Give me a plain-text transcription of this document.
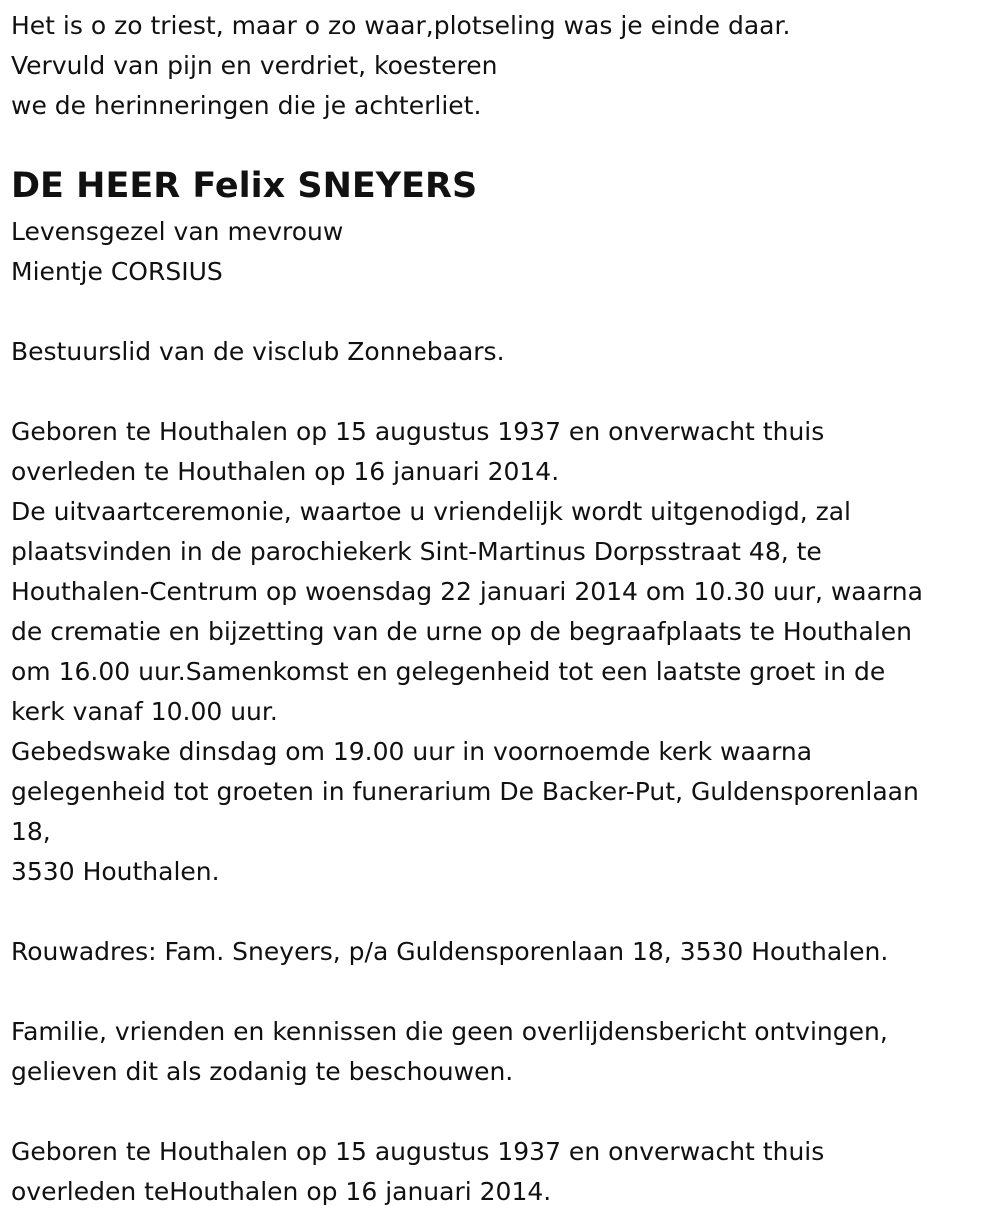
Het is o zo triest, maar o zo waar,plotseling was je einde daar.
Vervuld van pijn en verdriet, koesteren
we de herinneringen die je achterliet.
DE HEER Felix SNEYERS
Levensgezel van mevrouw
Mientje CORSIUS
Bestuurslid van de visclub Zonnebaars.
Geboren te Houthalen op 15 augustus 1937 en onverwacht thuis
overleden te Houthalen op 16 januari 2014.
De uitvaartceremonie, waartoe u vriendelijk wordt uitgenodigd, zal
plaatsvinden in de parochiekerk Sint-Martinus Dorpsstraat 48, te
Houthalen-Centrum op woensdag 22 januari 2014 om 10.30 uur, waarna
de crematie en bijzetting van de urne op de begraafplaats te Houthalen
om 16.00 uur.Samenkomst en gelegenheid tot een laatste groet in de
kerk vanaf 10.00 uur.
Gebedswake dinsdag om 19.00 uur in voornoemde kerk waarna
gelegenheid tot groeten in funerarium De Backer-Put, Guldensporenlaan
18,
3530 Houthalen.
Rouwadres: Fam. Sneyers, p/a Guldensporenlaan 18, 3530 Houthalen.
Familie, vrienden en kennissen die geen overlijdensbericht ontvingen,
gelieven dit als zodanig te beschouwen.
Geboren te Houthalen op 15 augustus 1937 en onverwacht thuis
overleden teHouthalen op 16 januari 2014.
